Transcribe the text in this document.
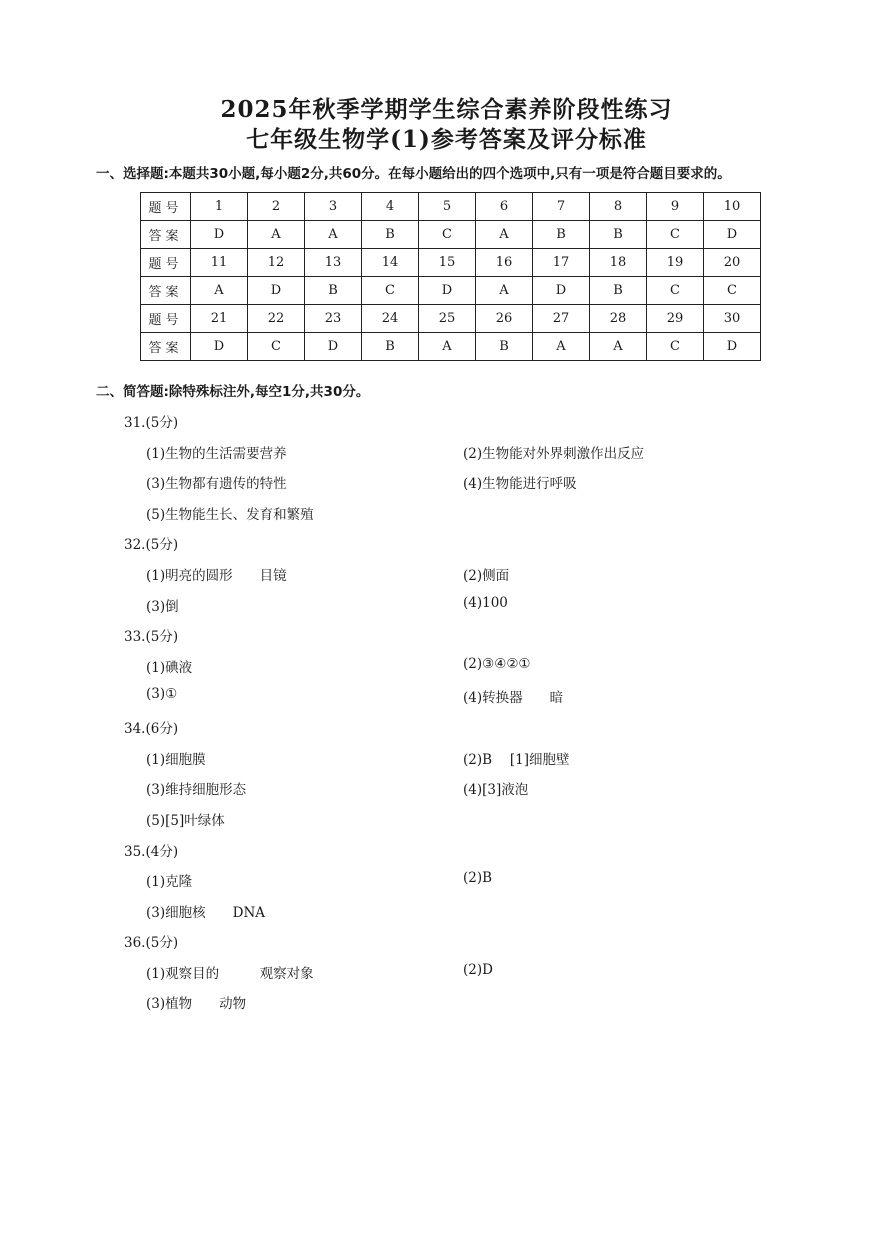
2025年秋季学期学生综合素养阶段性练习
七年级生物学(1)参考答案及评分标准
一、选择题:本题共30小题,每小题2分,共60分。在每小题给出的四个选项中,只有一项是符合题目要求的。
题号	1	2	3	4	5	6	7	8	9	10
答案	D	A	A	B	C	A	B	B	C	D
题号	11	12	13	14	15	16	17	18	19	20
答案	A	D	B	C	D	A	D	B	C	C
题号	21	22	23	24	25	26	27	28	29	30
答案	D	C	D	B	A	B	A	A	C	D
二、简答题:除特殊标注外,每空1分,共30分。
31.(5分)
(1)生物的生活需要营养	(2)生物能对外界刺激作出反应
(3)生物都有遗传的特性	(4)生物能进行呼吸
(5)生物能生长、发育和繁殖
32.(5分)
(1)明亮的圆形　　目镜	(2)侧面
(3)倒	(4)100
33.(5分)
(1)碘液	(2)③④②①
(3)①	(4)转换器　　暗
34.(6分)
(1)细胞膜	(2)B　 [1]细胞壁
(3)维持细胞形态	(4)[3]液泡
(5)[5]叶绿体
35.(4分)
(1)克隆	(2)B
(3)细胞核　　DNA
36.(5分)
(1)观察目的　　　观察对象	(2)D
(3)植物　　动物
